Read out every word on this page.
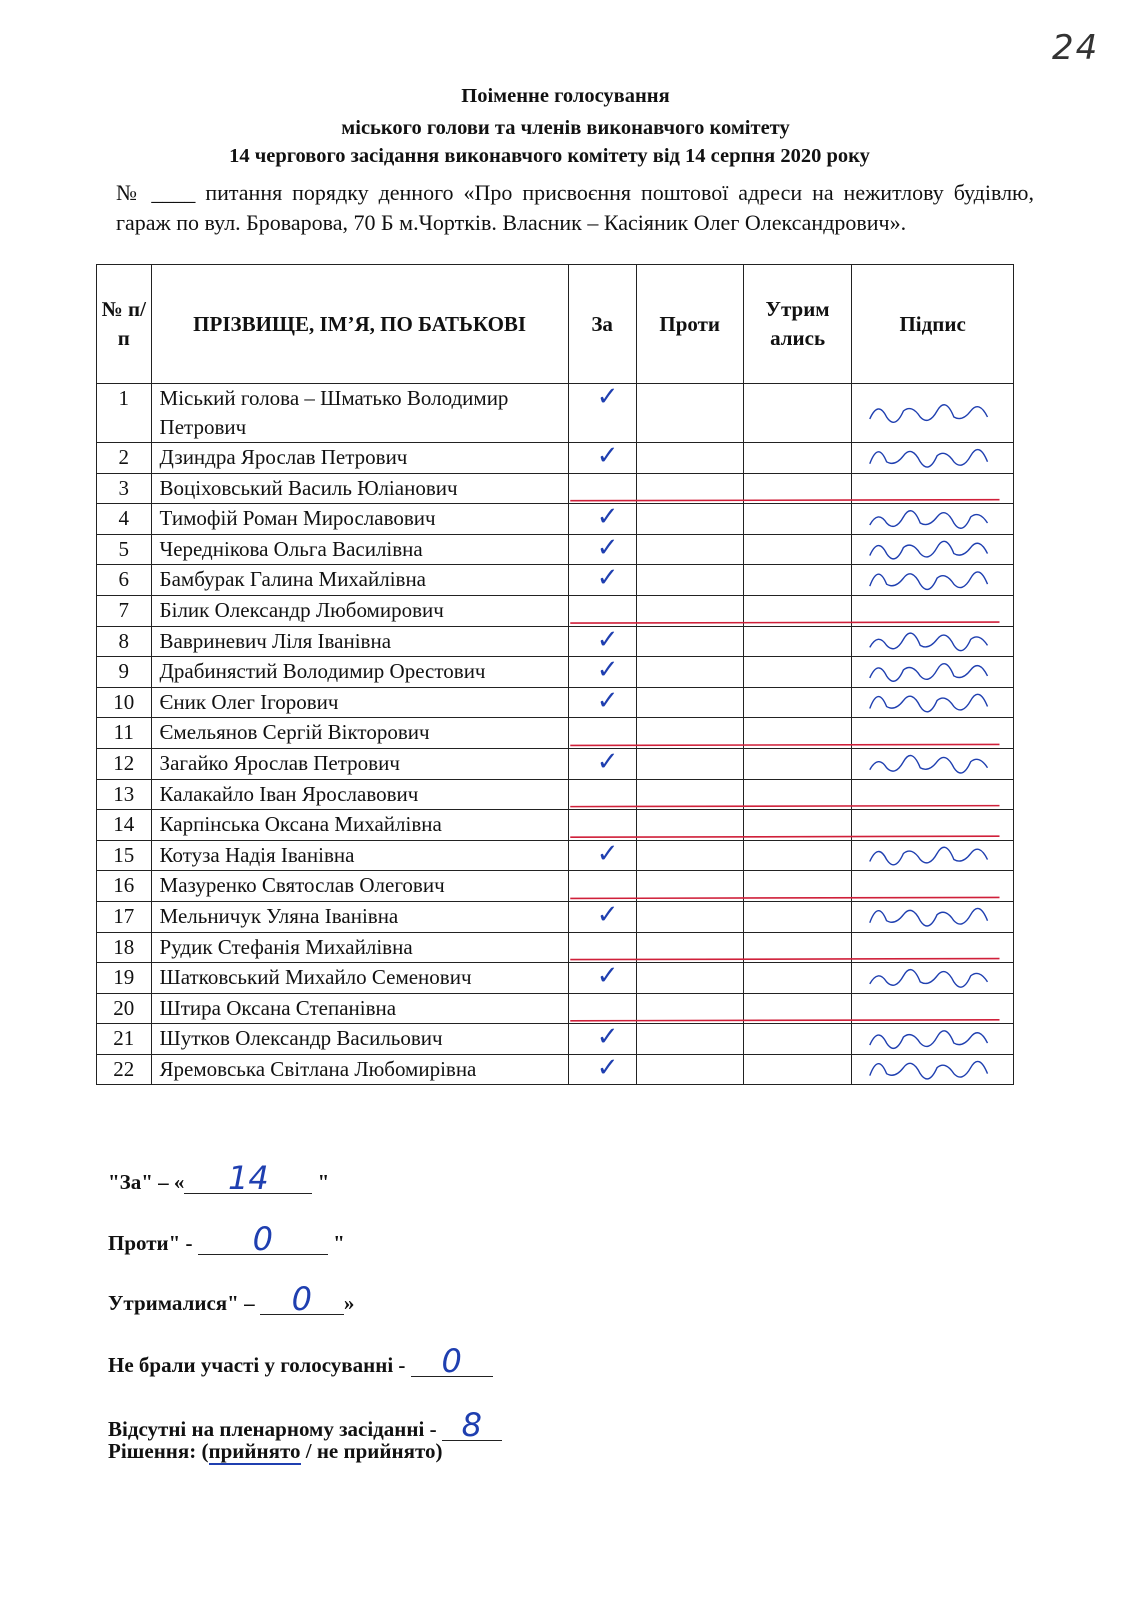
24
Поіменне голосування
міського голови та членів виконавчого комітету
14 чергового засідання виконавчого комітету від 14 серпня 2020 року
№ ____ питання порядку денного «Про присвоєння поштової адреси на нежитлову будівлю, гараж по вул. Броварова, 70 Б м.Чортків. Власник – Касіяник Олег Олександрович».
№ п/ п	ПРІЗВИЩЕ, ІМ’Я, ПО БАТЬКОВІ	За	Проти	Утрим ались	Підпис
1	Міський голова – Шматько Володимир Петрович	✓			
2	Дзиндра Ярослав Петрович	✓			
3	Воціховський Василь Юліанович				
4	Тимофій Роман Мирославович	✓			
5	Череднікова Ольга Василівна	✓			
6	Бамбурак Галина Михайлівна	✓			
7	Білик Олександр Любомирович				
8	Вавриневич Ліля Іванівна	✓			
9	Драбинястий Володимир Орестович	✓			
10	Єник Олег Ігорович	✓			
11	Ємельянов Сергій Вікторович				
12	Загайко Ярослав Петрович	✓			
13	Калакайло Іван Ярославович				
14	Карпінська Оксана Михайлівна				
15	Котуза Надія Іванівна	✓			
16	Мазуренко Святослав Олегович				
17	Мельничук Уляна Іванівна	✓			
18	Рудик Стефанія Михайлівна				
19	Шатковський Михайло Семенович	✓			
20	Штира Оксана Степанівна				
21	Шутков Олександр Васильович	✓			
22	Яремовська Світлана Любомирівна	✓			
"За" – « 14 "
Проти" - 0	"
Утрималися" – 0 »
Не брали участі у голосуванні - 0
Відсутні на пленарному засіданні - 8
Рішення: (прийнято / не прийнято)
